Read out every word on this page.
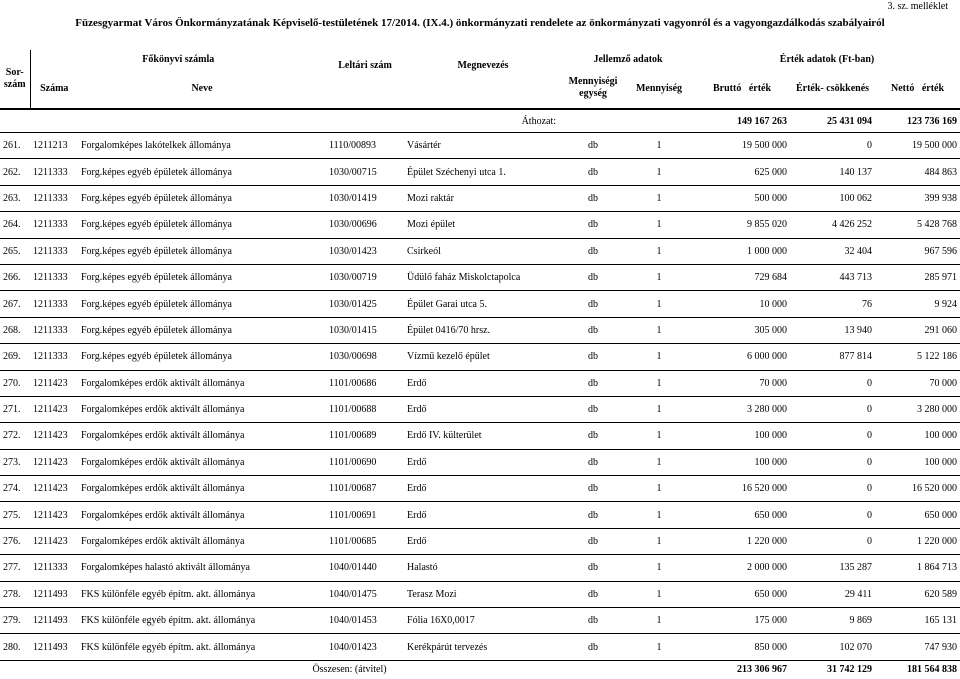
3. sz. melléklet
Füzesgyarmat Város Önkormányzatának Képviselő-testületének 17/2014. (IX.4.) önkormányzati rendelete az önkormányzati vagyonról és a vagyongazdálkodás szabályairól
Sor-
szám	Főkönyvi számla		Leltári szám	Megnevezés	Jellemző adatok		Érték adatok (Ft-ban)		
	Száma	Neve			Mennyiségi
egység	Mennyiség	Bruttó   érték	Érték- csökkenés	Nettó   érték
Áthozat:							149 167 263	25 431 094	123 736 169
261.	1211213	Forgalomképes lakótelkek állománya	1110/00893	Vásártér	db	1	19 500 000	0	19 500 000
262.	1211333	Forg.képes egyéb épületek állománya	1030/00715	Épület Széchenyi utca 1.	db	1	625 000	140 137	484 863
263.	1211333	Forg.képes egyéb épületek állománya	1030/01419	Mozi raktár	db	1	500 000	100 062	399 938
264.	1211333	Forg.képes egyéb épületek állománya	1030/00696	Mozi épület	db	1	9 855 020	4 426 252	5 428 768
265.	1211333	Forg.képes egyéb épületek állománya	1030/01423	Csirkeól	db	1	1 000 000	32 404	967 596
266.	1211333	Forg.képes egyéb épületek állománya	1030/00719	Üdülő faház Miskolctapolca	db	1	729 684	443 713	285 971
267.	1211333	Forg.képes egyéb épületek állománya	1030/01425	Épület Garai utca 5.	db	1	10 000	76	9 924
268.	1211333	Forg.képes egyéb épületek állománya	1030/01415	Épület 0416/70 hrsz.	db	1	305 000	13 940	291 060
269.	1211333	Forg.képes egyéb épületek állománya	1030/00698	Vízmű kezelő épület	db	1	6 000 000	877 814	5 122 186
270.	1211423	Forgalomképes erdők aktivált állománya	1101/00686	Erdő	db	1	70 000	0	70 000
271.	1211423	Forgalomképes erdők aktivált állománya	1101/00688	Erdő	db	1	3 280 000	0	3 280 000
272.	1211423	Forgalomképes erdők aktivált állománya	1101/00689	Erdő IV. külterület	db	1	100 000	0	100 000
273.	1211423	Forgalomképes erdők aktivált állománya	1101/00690	Erdő	db	1	100 000	0	100 000
274.	1211423	Forgalomképes erdők aktivált állománya	1101/00687	Erdő	db	1	16 520 000	0	16 520 000
275.	1211423	Forgalomképes erdők aktivált állománya	1101/00691	Erdő	db	1	650 000	0	650 000
276.	1211423	Forgalomképes erdők aktivált állománya	1101/00685	Erdő	db	1	1 220 000	0	1 220 000
277.	1211333	Forgalomképes halastó aktivált állománya	1040/01440	Halastó	db	1	2 000 000	135 287	1 864 713
278.	1211493	FKS különféle egyéb építm. akt. állománya	1040/01475	Terasz Mozi	db	1	650 000	29 411	620 589
279.	1211493	FKS különféle egyéb építm. akt. állománya	1040/01453	Fólia 16X0,0017	db	1	175 000	9 869	165 131
280.	1211493	FKS különféle egyéb építm. akt. állománya	1040/01423	Kerékpárút tervezés	db	1	850 000	102 070	747 930
Összesen: (átvitel)							213 306 967	31 742 129	181 564 838
